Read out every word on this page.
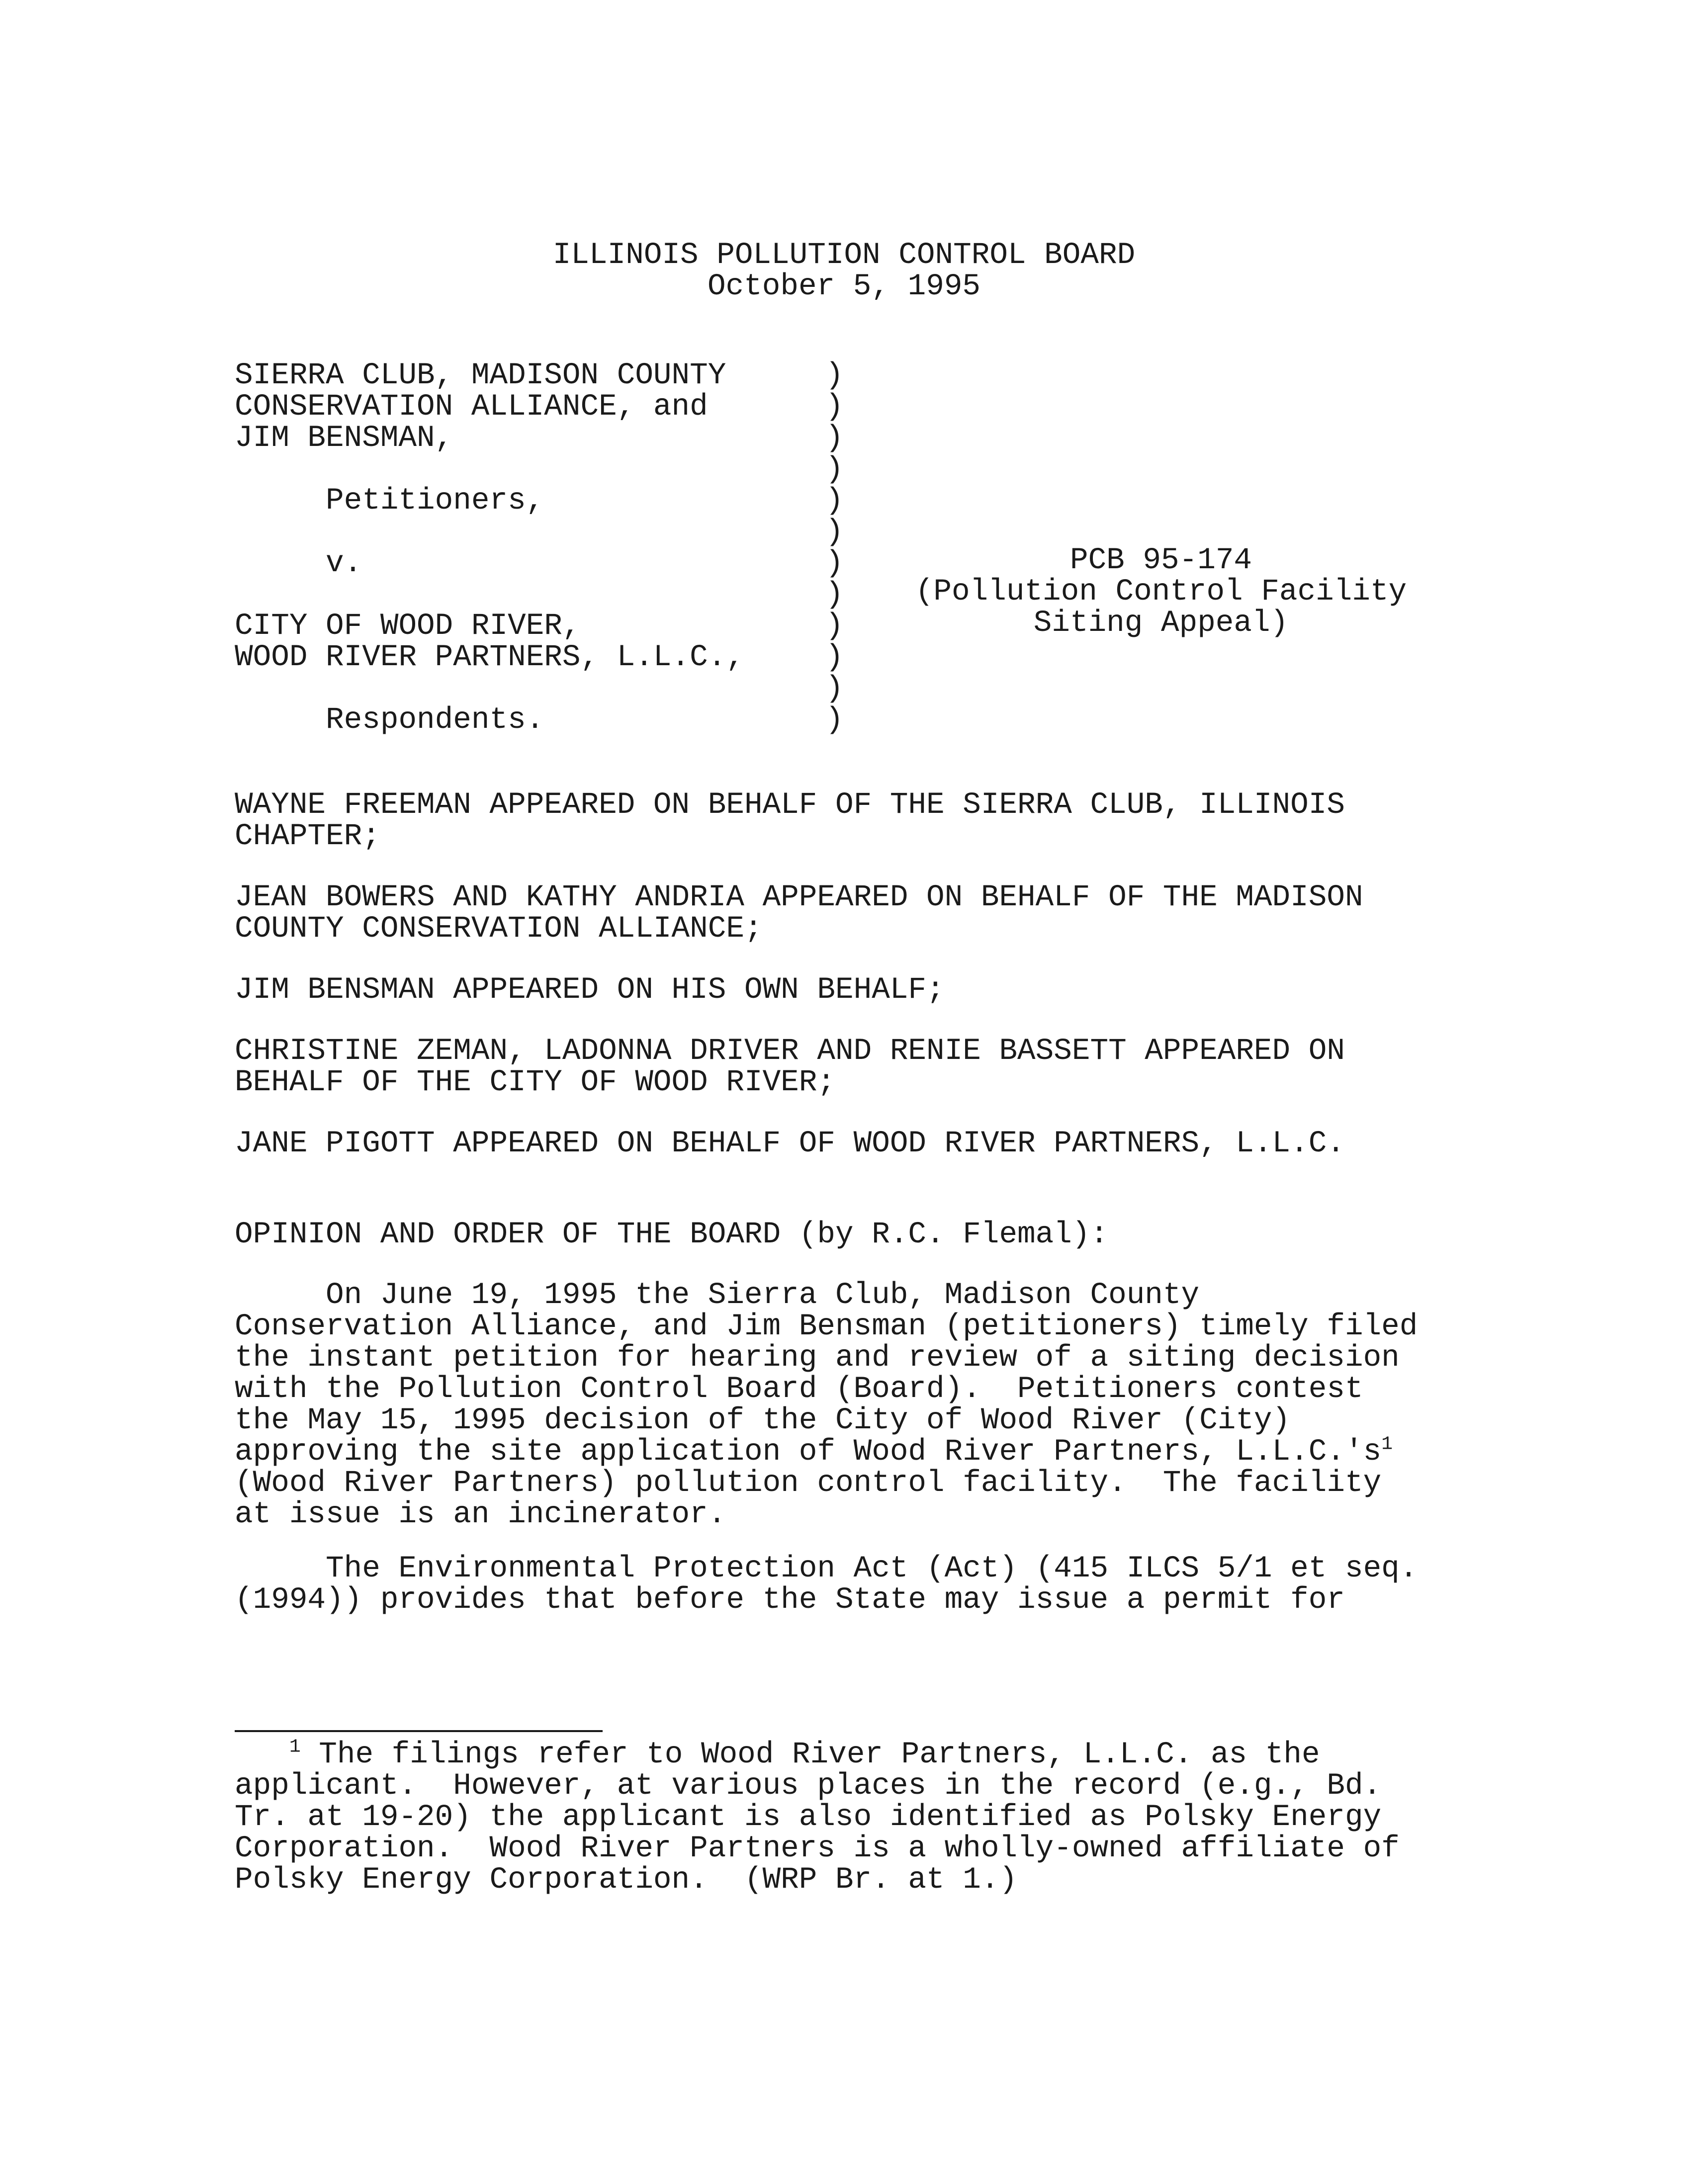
ILLINOIS POLLUTION CONTROL BOARD
October 5, 1995
SIERRA CLUB, MADISON COUNTY
CONSERVATION ALLIANCE, and
JIM BENSMAN,

Petitioners,

v.

CITY OF WOOD RIVER,
WOOD RIVER PARTNERS, L.L.C.,

Respondents.
)
)
)
)
)
)
)
)
)
)
)
)
PCB 95-174
(Pollution Control Facility
Siting Appeal)
WAYNE FREEMAN APPEARED ON BEHALF OF THE SIERRA CLUB, ILLINOIS
CHAPTER;

JEAN BOWERS AND KATHY ANDRIA APPEARED ON BEHALF OF THE MADISON
COUNTY CONSERVATION ALLIANCE;

JIM BENSMAN APPEARED ON HIS OWN BEHALF;

CHRISTINE ZEMAN, LADONNA DRIVER AND RENIE BASSETT APPEARED ON
BEHALF OF THE CITY OF WOOD RIVER;

JANE PIGOTT APPEARED ON BEHALF OF WOOD RIVER PARTNERS, L.L.C.
OPINION AND ORDER OF THE BOARD (by R.C. Flemal):
On June 19, 1995 the Sierra Club, Madison County
Conservation Alliance, and Jim Bensman (petitioners) timely filed
the instant petition for hearing and review of a siting decision
with the Pollution Control Board (Board).  Petitioners contest
the May 15, 1995 decision of the City of Wood River (City)
approving the site application of Wood River Partners, $L.L.C.'s^1$
(Wood River Partners) pollution control facility.  The facility
at issue is an incinerator.
The Environmental Protection Act (Act) (415 ILCS 5/1 et seq.
(1994)) provides that before the State may issue a permit for
$^1$ The filings refer to Wood River Partners, L.L.C. as the
applicant.  However, at various places in the record (e.g., Bd.
Tr. at 19-20) the applicant is also identified as Polsky Energy
Corporation.  Wood River Partners is a wholly-owned affiliate of
Polsky Energy Corporation.  (WRP Br. at 1.)
